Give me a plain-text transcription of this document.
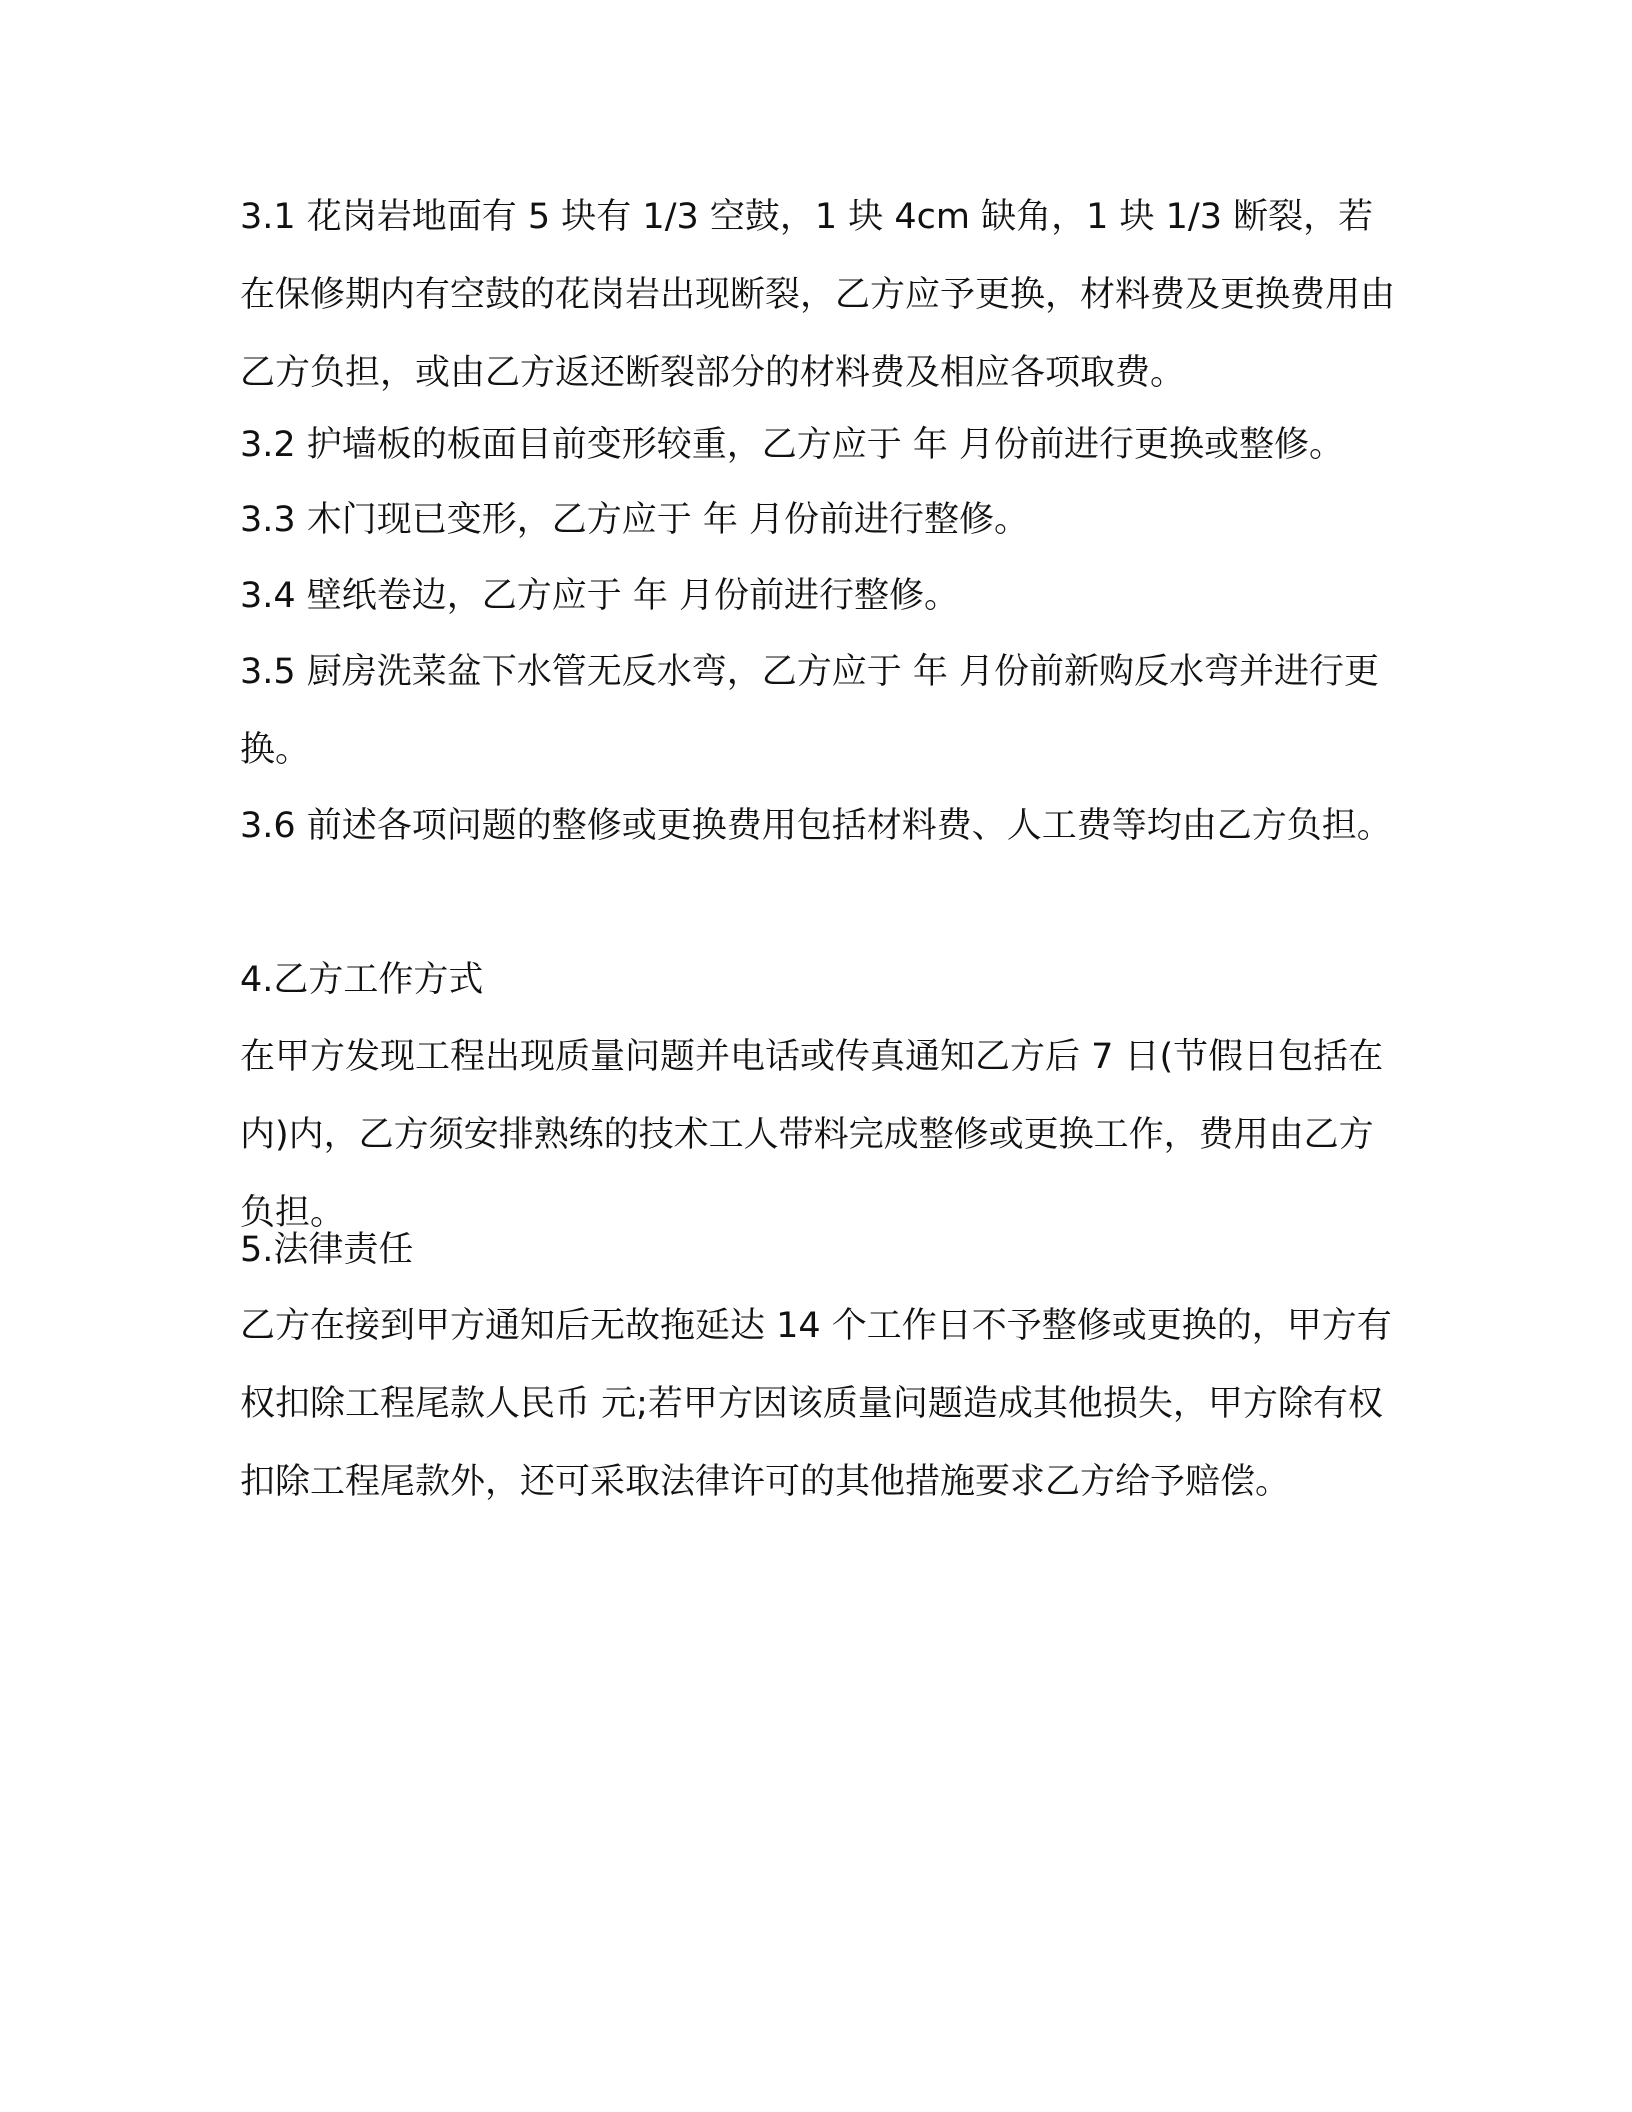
3.1 花岗岩地面有 5 块有 1/3 空鼓，1 块 4cm 缺角，1 块 1/3 断裂，若在保修期内有空鼓的花岗岩出现断裂，乙方应予更换，材料费及更换费用由乙方负担，或由乙方返还断裂部分的材料费及相应各项取费。

3.2 护墙板的板面目前变形较重，乙方应于 年 月份前进行更换或整修。

3.3 木门现已变形，乙方应于 年 月份前进行整修。

3.4 壁纸卷边，乙方应于 年 月份前进行整修。

3.5 厨房洗菜盆下水管无反水弯，乙方应于 年 月份前新购反水弯并进行更换。

3.6 前述各项问题的整修或更换费用包括材料费、人工费等均由乙方负担。

4.乙方工作方式

在甲方发现工程出现质量问题并电话或传真通知乙方后 7 日(节假日包括在内)内，乙方须安排熟练的技术工人带料完成整修或更换工作，费用由乙方负担。

5.法律责任

乙方在接到甲方通知后无故拖延达 14 个工作日不予整修或更换的，甲方有权扣除工程尾款人民币 元;若甲方因该质量问题造成其他损失，甲方除有权扣除工程尾款外，还可采取法律许可的其他措施要求乙方给予赔偿。
